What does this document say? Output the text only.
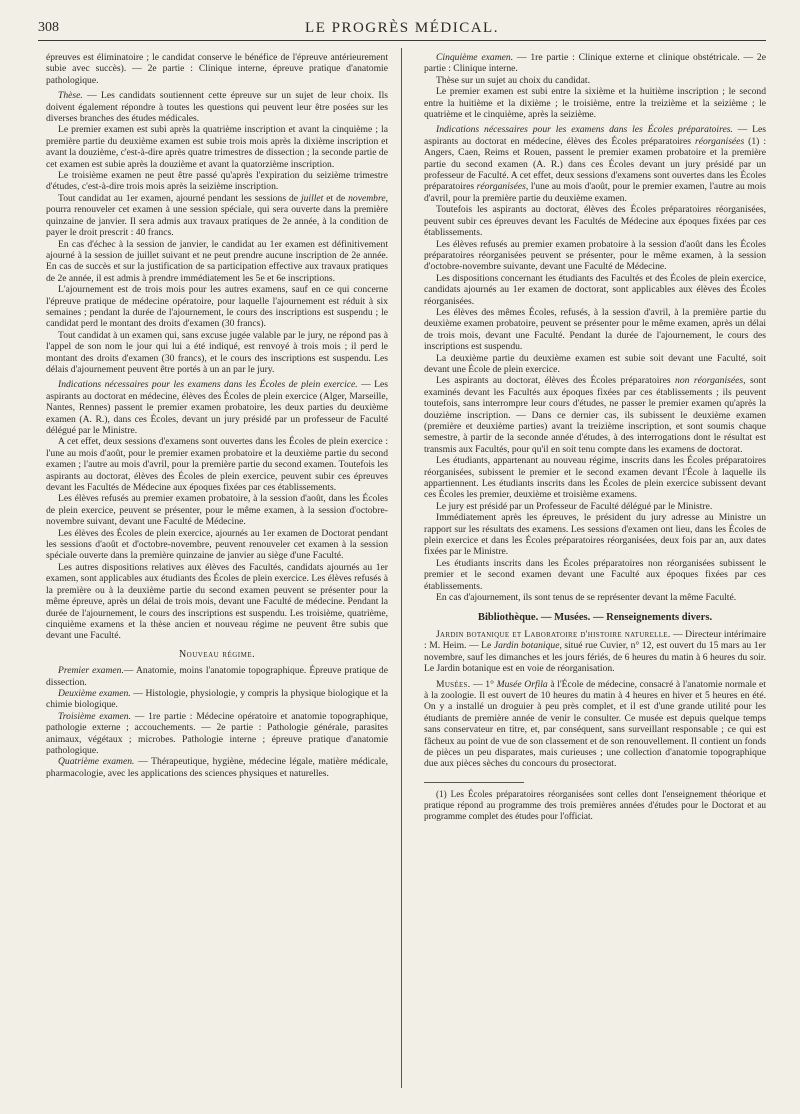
308	LE PROGRÈS MÉDICAL.

épreuves est éliminatoire ; le candidat conserve le bénéfice de l'épreuve antérieurement subie avec succès). — 2e partie : Clinique interne, épreuve pratique d'anatomie pathologique.

Thèse. — Les candidats soutiennent cette épreuve sur un sujet de leur choix. Ils doivent également répondre à toutes les questions qui peuvent leur être posées sur les diverses branches des études médicales.

Le premier examen est subi après la quatrième inscription et avant la cinquième ; la première partie du deuxième examen est subie trois mois après la dixième inscription et avant la douzième, c'est-à-dire après quatre trimestres de dissection ; la seconde partie de cet examen est subie après la douzième et avant la quatorzième inscription.

Le troisième examen ne peut être passé qu'après l'expiration du seizième trimestre d'études, c'est-à-dire trois mois après la seizième inscription.

Tout candidat au 1er examen, ajourné pendant les sessions de juillet et de novembre, pourra renouveler cet examen à une session spéciale, qui sera ouverte dans la première quinzaine de janvier. Il sera admis aux travaux pratiques de 2e année, à la condition de payer le droit prescrit : 40 francs.

En cas d'échec à la session de janvier, le candidat au 1er examen est définitivement ajourné à la session de juillet suivant et ne peut prendre aucune inscription de 2e année. En cas de succès et sur la justification de sa participation effective aux travaux pratiques de 2e année, il est admis à prendre immédiatement les 5e et 6e inscriptions.

L'ajournement est de trois mois pour les autres examens, sauf en ce qui concerne l'épreuve pratique de médecine opératoire, pour laquelle l'ajournement est réduit à six semaines ; pendant la durée de l'ajournement, le cours des inscriptions est suspendu ; le candidat perd le montant des droits d'examen (30 francs).

Tout candidat à un examen qui, sans excuse jugée valable par le jury, ne répond pas à l'appel de son nom le jour qui lui a été indiqué, est renvoyé à trois mois ; il perd le montant des droits d'examen (30 francs), et le cours des inscriptions est suspendu. Les délais d'ajournement peuvent être portés à un an par le jury.

Indications nécessaires pour les examens dans les Écoles de plein exercice. — Les aspirants au doctorat en médecine, élèves des Écoles de plein exercice (Alger, Marseille, Nantes, Rennes) passent le premier examen probatoire, les deux parties du deuxième examen (A. R.), dans ces Écoles, devant un jury présidé par un professeur de Faculté délégué par le Ministre.

A cet effet, deux sessions d'examens sont ouvertes dans les Écoles de plein exercice : l'une au mois d'août, pour le premier examen probatoire et la deuxième partie du second examen ; l'autre au mois d'avril, pour la première partie du second examen. Toutefois les aspirants au doctorat, élèves des Écoles de plein exercice, peuvent subir ces épreuves devant les Facultés de Médecine aux époques fixées par ces établissements.

Les élèves refusés au premier examen probatoire, à la session d'août, dans les Écoles de plein exercice, peuvent se présenter, pour le même examen, à la session d'octobre-novembre suivant, devant une Faculté de Médecine.

Les élèves des Écoles de plein exercice, ajournés au 1er examen de Doctorat pendant les sessions d'août et d'octobre-novembre, peuvent renouveler cet examen à la session spéciale ouverte dans la première quinzaine de janvier au siège d'une Faculté.

Les autres dispositions relatives aux élèves des Facultés, candidats ajournés au 1er examen, sont applicables aux étudiants des Écoles de plein exercice. Les élèves refusés à la première ou à la deuxième partie du second examen peuvent se présenter pour la même épreuve, après un délai de trois mois, devant une Faculté de médecine. Pendant la durée de l'ajournement, le cours des inscriptions est suspendu. Les troisième, quatrième, cinquième examens et la thèse ancien et nouveau régime ne peuvent être subis que devant une Faculté.

Nouveau régime.

Premier examen.— Anatomie, moins l'anatomie topographique. Épreuve pratique de dissection.

Deuxième examen. — Histologie, physiologie, y compris la physique biologique et la chimie biologique.

Troisième examen. — 1re partie : Médecine opératoire et anatomie topographique, pathologie externe ; accouchements. — 2e partie : Pathologie générale, parasites animaux, végétaux ; microbes. Pathologie interne ; épreuve pratique d'anatomie pathologique.

Quatrième examen. — Thérapeutique, hygiène, médecine légale, matière médicale, pharmacologie, avec les applications des sciences physiques et naturelles.

Cinquième examen. — 1re partie : Clinique externe et clinique obstétricale. — 2e partie : Clinique interne.

Thèse sur un sujet au choix du candidat.

Le premier examen est subi entre la sixième et la huitième inscription ; le second entre la huitième et la dixième ; le troisième, entre la treizième et la seizième ; le quatrième et le cinquième, après la seizième.

Indications nécessaires pour les examens dans les Écoles préparatoires. — Les aspirants au doctorat en médecine, élèves des Écoles préparatoires réorganisées (1) : Angers, Caen, Reims et Rouen, passent le premier examen probatoire et la première partie du second examen (A. R.) dans ces Écoles devant un jury présidé par un professeur de Faculté. A cet effet, deux sessions d'examens sont ouvertes dans les Écoles préparatoires réorganisées, l'une au mois d'août, pour le premier examen, l'autre au mois d'avril, pour la première partie du deuxième examen.

Toutefois les aspirants au doctorat, élèves des Écoles préparatoires réorganisées, peuvent subir ces épreuves devant les Facultés de Médecine aux époques fixées par ces établissements.

Les élèves refusés au premier examen probatoire à la session d'août dans les Écoles préparatoires réorganisées peuvent se présenter, pour le même examen, à la session d'octobre-novembre suivante, devant une Faculté de Médecine.

Les dispositions concernant les étudiants des Facultés et des Écoles de plein exercice, candidats ajournés au 1er examen de doctorat, sont applicables aux élèves des Écoles réorganisées.

Les élèves des mêmes Écoles, refusés, à la session d'avril, à la première partie du deuxième examen probatoire, peuvent se présenter pour le même examen, après un délai de trois mois, devant une Faculté. Pendant la durée de l'ajournement, le cours des inscriptions est suspendu.

La deuxième partie du deuxième examen est subie soit devant une Faculté, soit devant une École de plein exercice.

Les aspirants au doctorat, élèves des Écoles préparatoires non réorganisées, sont examinés devant les Facultés aux époques fixées par ces établissements ; ils peuvent toutefois, sans interrompre leur cours d'études, ne passer le premier examen qu'après la douzième inscription. — Dans ce dernier cas, ils subissent le deuxième examen (première et deuxième parties) avant la treizième inscription, et sont soumis chaque semestre, à partir de la seconde année d'études, à des interrogations dont le résultat est transmis aux Facultés, pour qu'il en soit tenu compte dans les examens de doctorat.

Les étudiants, appartenant au nouveau régime, inscrits dans les Écoles préparatoires réorganisées, subissent le premier et le second examen devant l'École à laquelle ils appartiennent. Les étudiants inscrits dans les Écoles de plein exercice subissent devant ces Écoles les premier, deuxième et troisième examens.

Le jury est présidé par un Professeur de Faculté délégué par le Ministre.

Immédiatement après les épreuves, le président du jury adresse au Ministre un rapport sur les résultats des examens. Les sessions d'examen ont lieu, dans les Écoles de plein exercice et dans les Écoles préparatoires réorganisées, deux fois par an, aux dates fixées par le Ministre.

Les étudiants inscrits dans les Écoles préparatoires non réorganisées subissent le premier et le second examen devant une Faculté aux époques fixées par ces établissements.

En cas d'ajournement, ils sont tenus de se représenter devant la même Faculté.

Bibliothèque. — Musées. — Renseignements divers.

Jardin botanique et Laboratoire d'histoire naturelle. — Directeur intérimaire : M. Heim. — Le Jardin botanique, situé rue Cuvier, n° 12, est ouvert du 15 mars au 1er novembre, sauf les dimanches et les jours fériés, de 6 heures du matin à 6 heures du soir. Le Jardin botanique est en voie de réorganisation.

Musées. — 1° Musée Orfila à l'École de médecine, consacré à l'anatomie normale et à la zoologie. Il est ouvert de 10 heures du matin à 4 heures en hiver et 5 heures en été. On y a installé un droguier à peu près complet, et il est d'une grande utilité pour les étudiants de première année de venir le consulter. Ce musée est depuis quelque temps sans conservateur en titre, et, par conséquent, sans surveillant responsable ; ce qui est fâcheux au point de vue de son classement et de son renouvellement. Il contient un fonds de pièces un peu disparates, mais curieuses ; une collection d'anatomie topographique due aux pièces sèches du concours du prosectorat.

(1) Les Écoles préparatoires réorganisées sont celles dont l'enseignement théorique et pratique répond au programme des trois premières années d'études pour le Doctorat et au programme complet des études pour l'officiat.
